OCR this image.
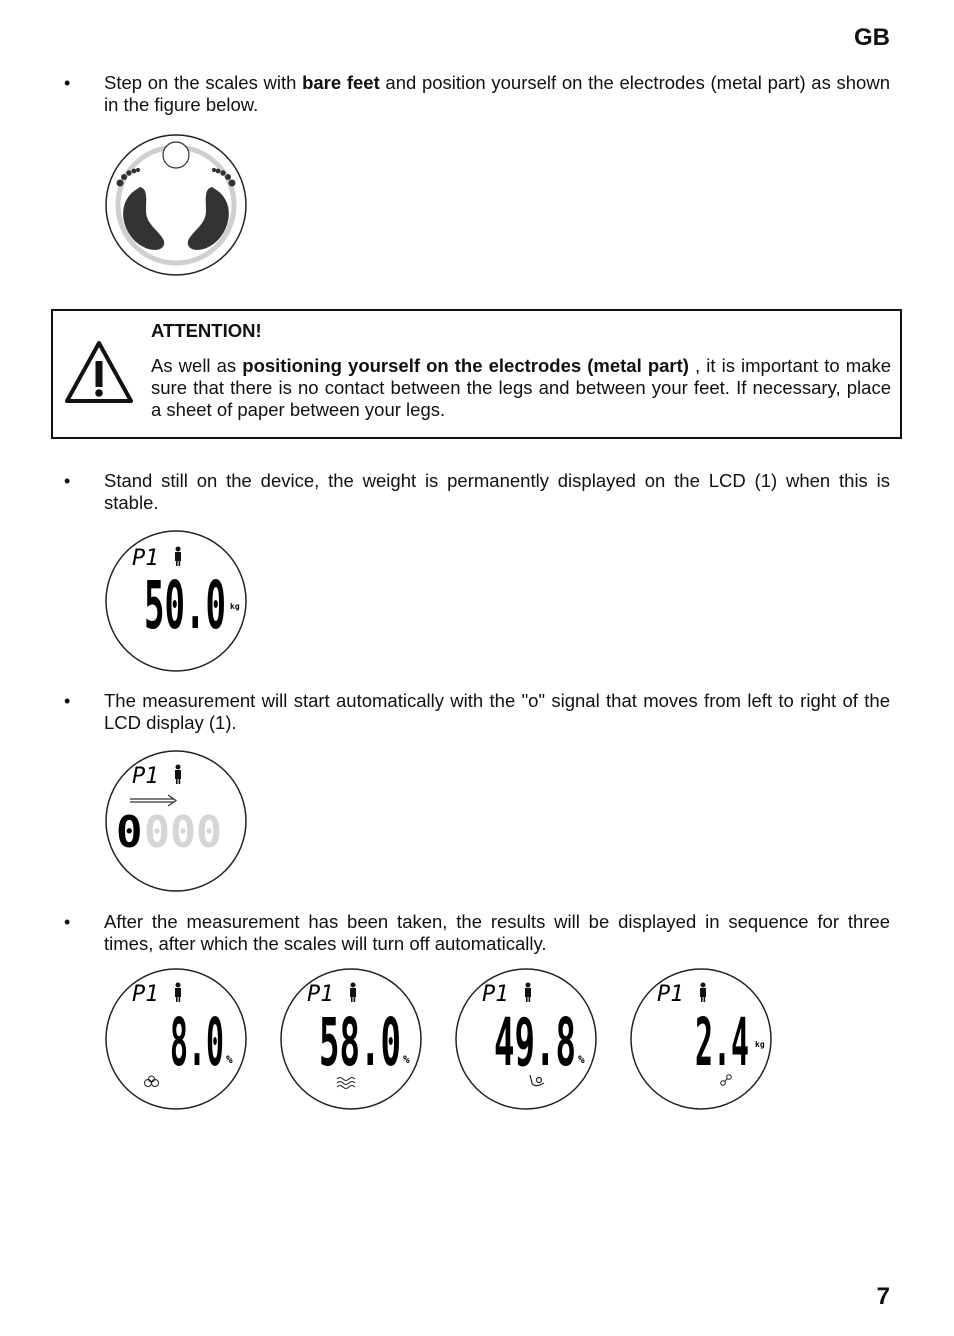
GB
• Step on the scales with bare feet and position yourself on the electrodes (metal part) as shown in the figure below.
ATTENTION!
As well as positioning yourself on the electrodes (metal part) , it is important to make sure that there is no contact between the legs and between your feet. If necessary, place a sheet of paper between your legs.
• Stand still on the device, the weight is permanently displayed on the LCD (1) when this is stable.
P1
50.0 kg
• The measurement will start automatically with the "o" signal that moves from left to right of the LCD display (1).
P1
0 000
• After the measurement has been taken, the results will be displayed in sequence for three times, after which the scales will turn off automatically.
P1
8.0 %
P1
58.0 %
P1
49.8 %
P1
2.4 kg
7
